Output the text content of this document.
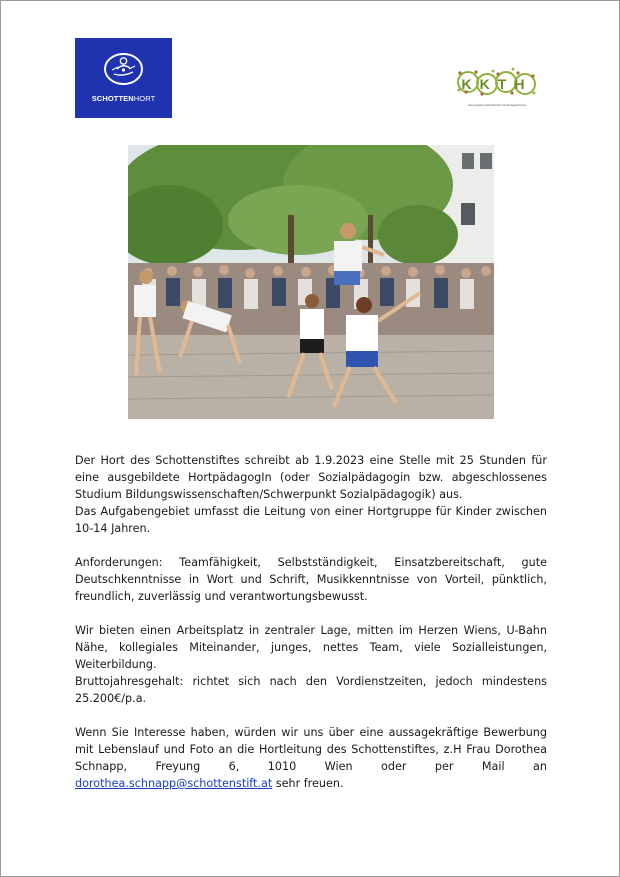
SCHOTTENHORT
KKTH
Vereinigung Katholischer Kindertagesheime

Der Hort des Schottenstiftes schreibt ab 1.9.2023 eine Stelle mit 25 Stunden für eine ausgebildete HortpädagogIn (oder Sozialpädagogin bzw. abgeschlossenes Studium Bildungswissenschaften/Schwerpunkt Sozialpädagogik) aus.

Das Aufgabengebiet umfasst die Leitung von einer Hortgruppe für Kinder zwischen 10-14 Jahren.

Anforderungen: Teamfähigkeit, Selbstständigkeit, Einsatzbereitschaft, gute Deutschkenntnisse in Wort und Schrift, Musikkenntnisse von Vorteil, pünktlich, freundlich, zuverlässig und verantwortungsbewusst.

Wir bieten einen Arbeitsplatz in zentraler Lage, mitten im Herzen Wiens, U-Bahn Nähe, kollegiales Miteinander, junges, nettes Team, viele Sozialleistungen, Weiterbildung.

Bruttojahresgehalt: richtet sich nach den Vordienstzeiten, jedoch mindestens 25.200€/p.a.

Wenn Sie Interesse haben, würden wir uns über eine aussagekräftige Bewerbung mit Lebenslauf und Foto an die Hortleitung des Schottenstiftes, z.H Frau Dorothea Schnapp, Freyung 6, 1010 Wien oder per Mail an dorothea.schnapp@schottenstift.at sehr freuen.
